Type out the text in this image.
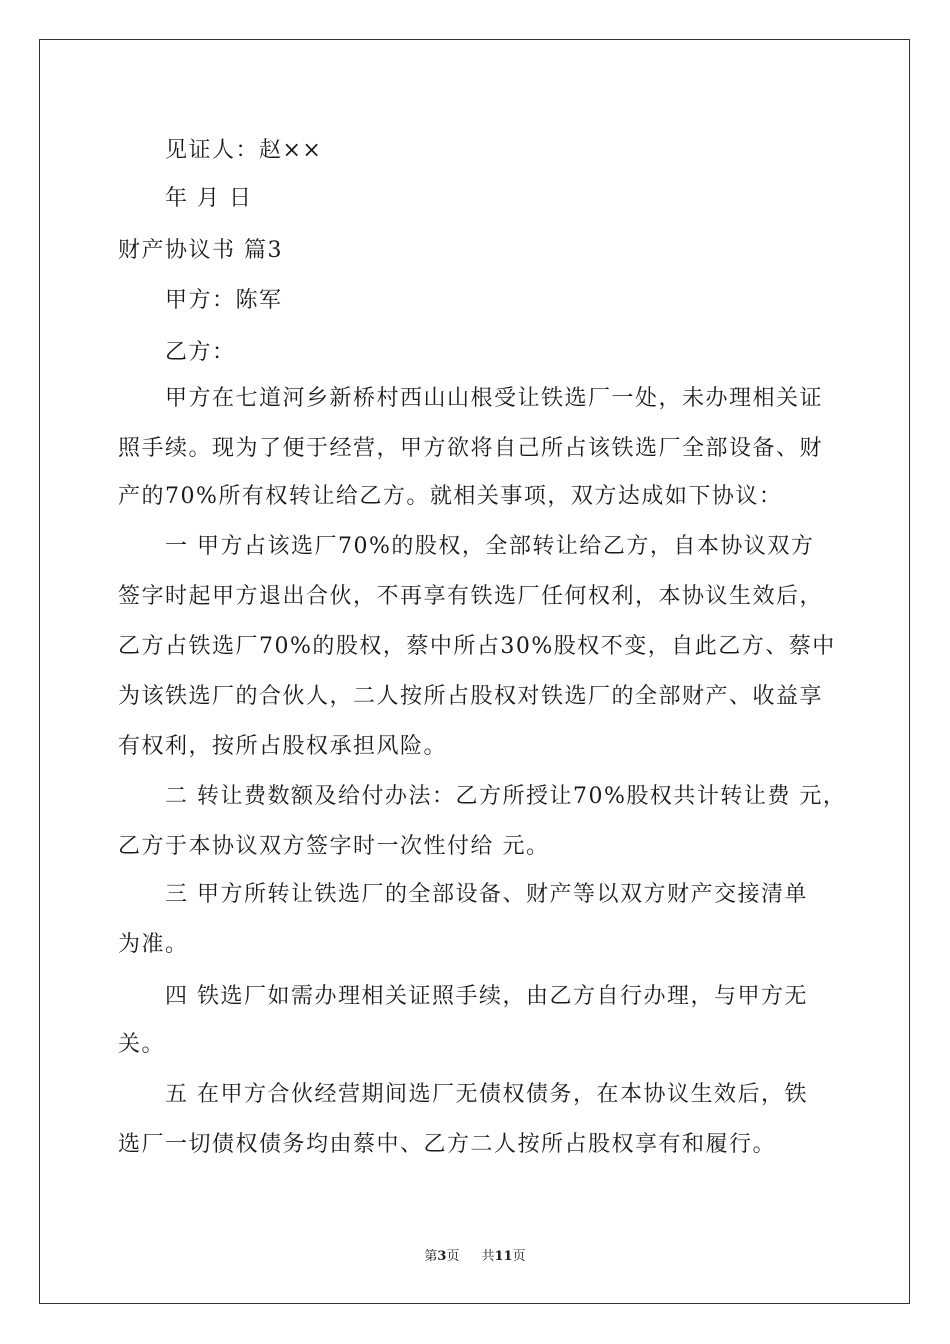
见证人：赵××
年 月 日
财产协议书 篇3
甲方：陈军
乙方：
甲方在七道河乡新桥村西山山根受让铁选厂一处，未办理相关证
照手续。现为了便于经营，甲方欲将自己所占该铁选厂全部设备、财
产的70%所有权转让给乙方。就相关事项，双方达成如下协议：
一 甲方占该选厂70%的股权，全部转让给乙方，自本协议双方
签字时起甲方退出合伙，不再享有铁选厂任何权利，本协议生效后，
乙方占铁选厂70%的股权，蔡中所占30%股权不变，自此乙方、蔡中
为该铁选厂的合伙人，二人按所占股权对铁选厂的全部财产、收益享
有权利，按所占股权承担风险。
二 转让费数额及给付办法：乙方所授让70%股权共计转让费 元，
乙方于本协议双方签字时一次性付给 元。
三 甲方所转让铁选厂的全部设备、财产等以双方财产交接清单
为准。
四 铁选厂如需办理相关证照手续，由乙方自行办理，与甲方无
关。
五 在甲方合伙经营期间选厂无债权债务，在本协议生效后，铁
选厂一切债权债务均由蔡中、乙方二人按所占股权享有和履行。
第3页 共11页
